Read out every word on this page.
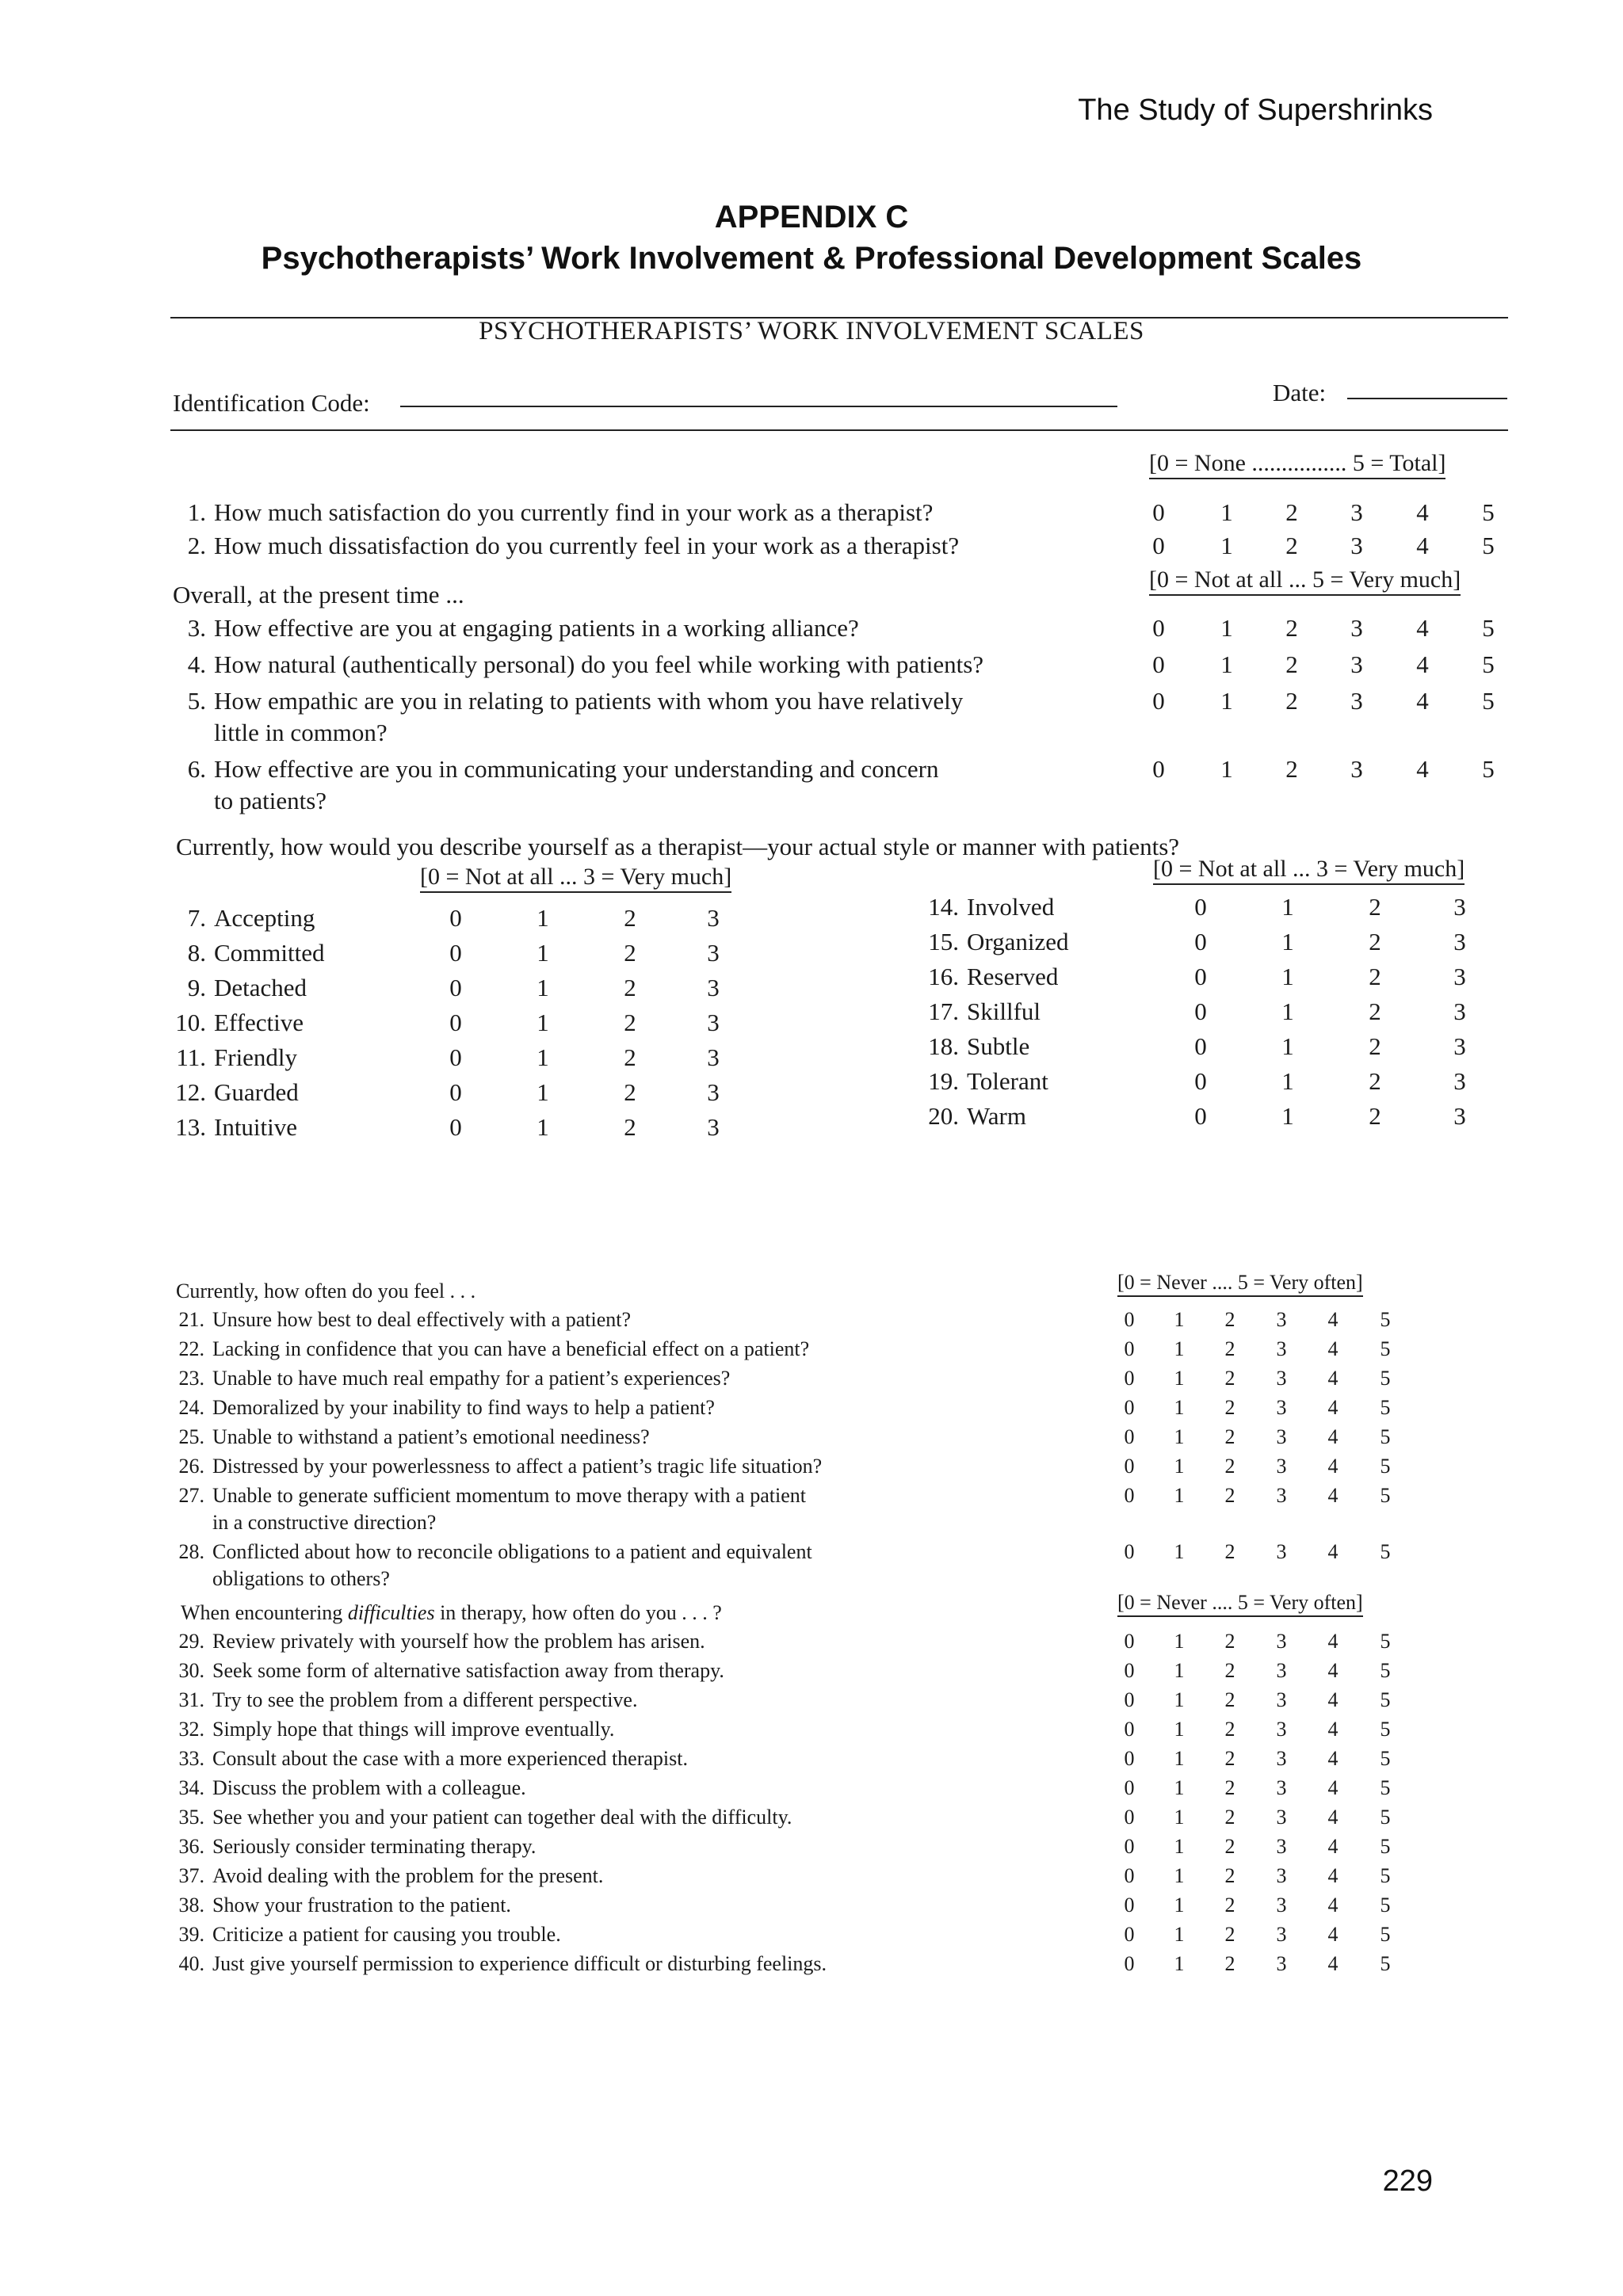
The Study of Supershrinks
APPENDIX C
Psychotherapists’ Work Involvement & Professional Development Scales
PSYCHOTHERAPISTS’ WORK INVOLVEMENT SCALES
Identification Code:	Date:
[0 = None ................ 5 = Total]
1. How much satisfaction do you currently find in your work as a therapist?	0	1	2	3	4	5
2. How much dissatisfaction do you currently feel in your work as a therapist?	0	1	2	3	4	5
Overall, at the present time ...
[0 = Not at all ... 5 = Very much]
3. How effective are you at engaging patients in a working alliance?	0	1	2	3	4	5
4. How natural (authentically personal) do you feel while working with patients?	0	1	2	3	4	5
5. How empathic are you in relating to patients with whom you have relatively	0	1	2	3	4	5
little in common?
6. How effective are you in communicating your understanding and concern	0	1	2	3	4	5
to patients?
Currently, how would you describe yourself as a therapist—your actual style or manner with patients?
[0 = Not at all ... 3 = Very much]	[0 = Not at all ... 3 = Very much]
7. Accepting	0	1	2	3
8. Committed	0	1	2	3
9. Detached	0	1	2	3
10. Effective	0	1	2	3
11. Friendly	0	1	2	3
12. Guarded	0	1	2	3
13. Intuitive	0	1	2	3
14. Involved	0	1	2	3
15. Organized	0	1	2	3
16. Reserved	0	1	2	3
17. Skillful	0	1	2	3
18. Subtle	0	1	2	3
19. Tolerant	0	1	2	3
20. Warm	0	1	2	3
Currently, how often do you feel . . .	[0 = Never .... 5 = Very often]
21. Unsure how best to deal effectively with a patient?	0	1	2	3	4	5
22. Lacking in confidence that you can have a beneficial effect on a patient?	0	1	2	3	4	5
23. Unable to have much real empathy for a patient’s experiences?	0	1	2	3	4	5
24. Demoralized by your inability to find ways to help a patient?	0	1	2	3	4	5
25. Unable to withstand a patient’s emotional neediness?	0	1	2	3	4	5
26. Distressed by your powerlessness to affect a patient’s tragic life situation?	0	1	2	3	4	5
27. Unable to generate sufficient momentum to move therapy with a patient	0	1	2	3	4	5
in a constructive direction?
28. Conflicted about how to reconcile obligations to a patient and equivalent	0	1	2	3	4	5
obligations to others?
When encountering difficulties in therapy, how often do you . . . ?	[0 = Never .... 5 = Very often]
29. Review privately with yourself how the problem has arisen.	0	1	2	3	4	5
30. Seek some form of alternative satisfaction away from therapy.	0	1	2	3	4	5
31. Try to see the problem from a different perspective.	0	1	2	3	4	5
32. Simply hope that things will improve eventually.	0	1	2	3	4	5
33. Consult about the case with a more experienced therapist.	0	1	2	3	4	5
34. Discuss the problem with a colleague.	0	1	2	3	4	5
35. See whether you and your patient can together deal with the difficulty.	0	1	2	3	4	5
36. Seriously consider terminating therapy.	0	1	2	3	4	5
37. Avoid dealing with the problem for the present.	0	1	2	3	4	5
38. Show your frustration to the patient.	0	1	2	3	4	5
39. Criticize a patient for causing you trouble.	0	1	2	3	4	5
40. Just give yourself permission to experience difficult or disturbing feelings.	0	1	2	3	4	5
229
